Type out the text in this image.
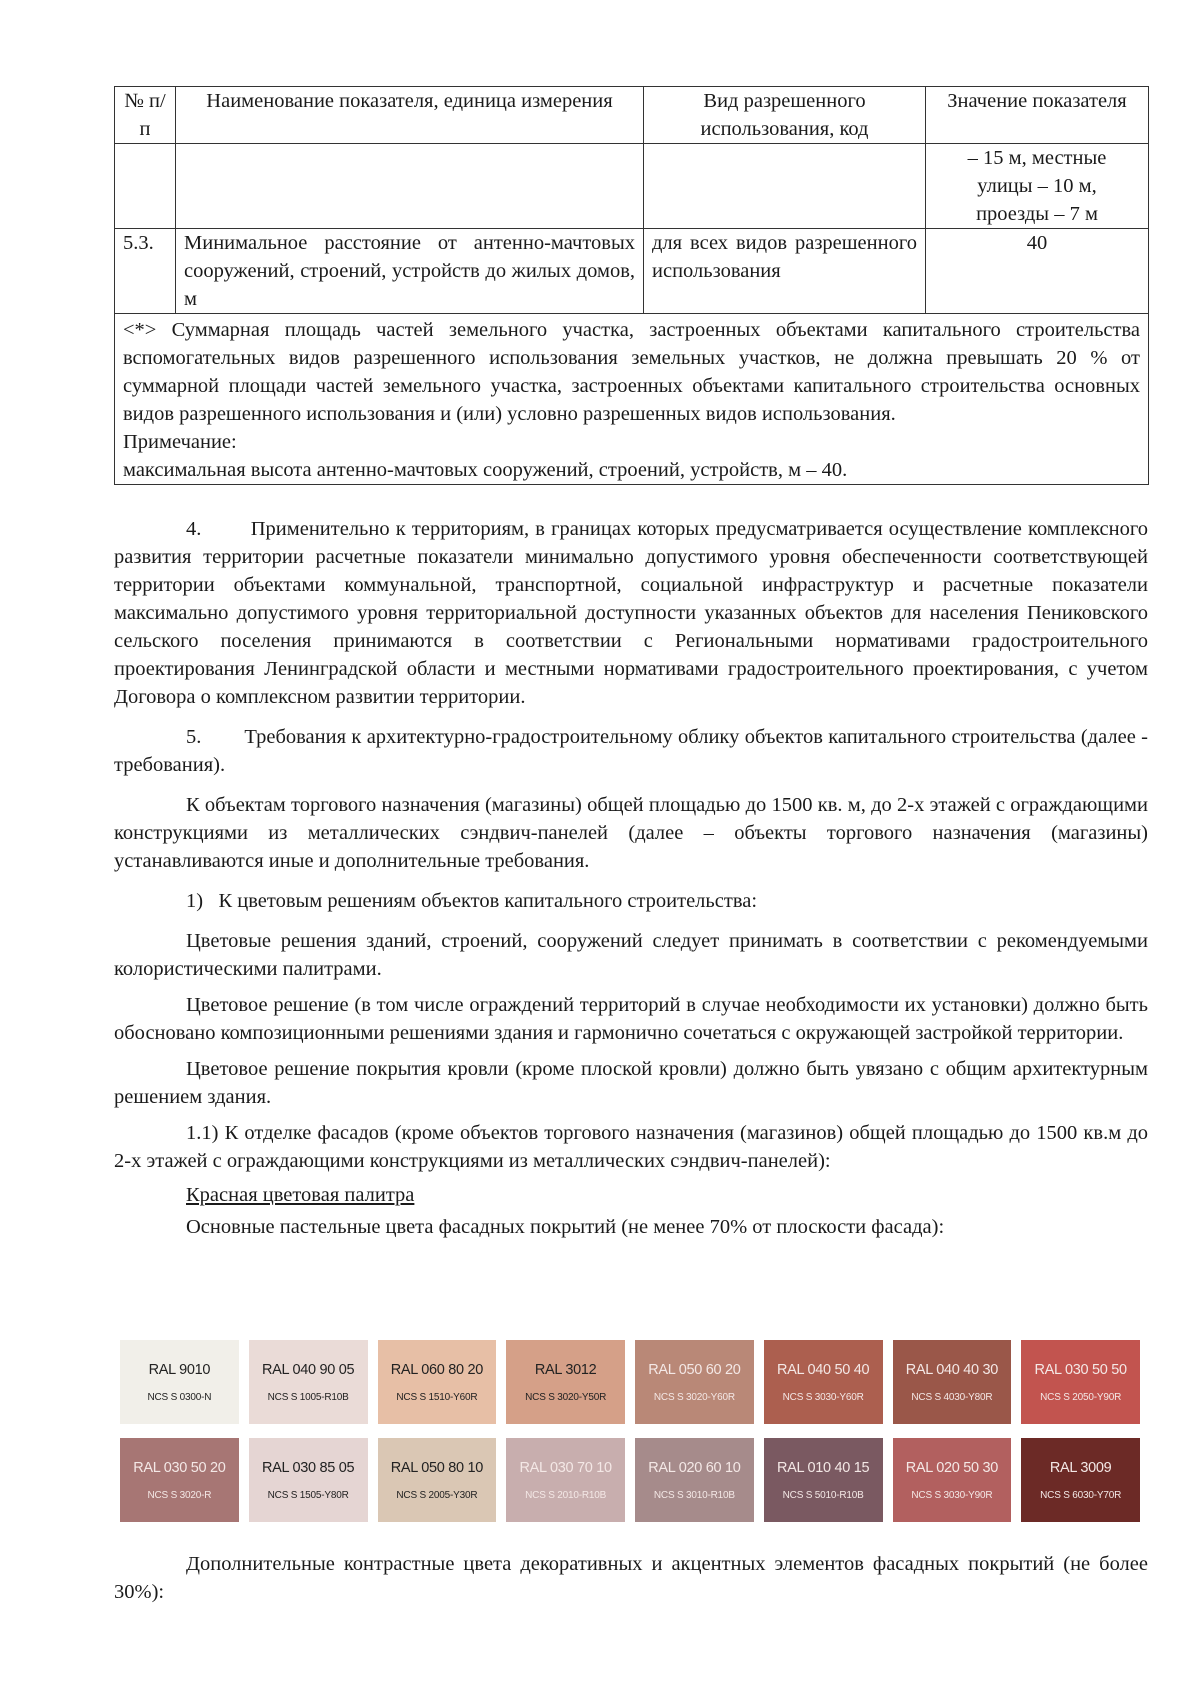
№ п/п	Наименование показателя, единица измерения	Вид разрешенного использования, код	Значение показателя

			– 15 м, местные
улицы – 10 м,
проезды – 7 м

5.3.	Минимальное расстояние от антенно-мачтовых сооружений, строений, устройств до жилых домов, м	для всех видов разрешенного использования	40

<*> Суммарная площадь частей земельного участка, застроенных объектами капитального строительства вспомогательных видов разрешенного использования земельных участков, не должна превышать 20 % от суммарной площади частей земельного участка, застроенных объектами капитального строительства основных видов разрешенного использования и (или) условно разрешенных видов использования.
Примечание:
максимальная высота антенно-мачтовых сооружений, строений, устройств, м – 40.			

4.        Применительно к территориям, в границах которых предусматривается осуществление комплексного развития территории расчетные показатели минимально допустимого уровня обеспеченности соответствующей территории объектами коммунальной, транспортной, социальной инфраструктур и расчетные показатели максимально допустимого уровня территориальной доступности указанных объектов для населения Пениковского сельского поселения принимаются в соответствии с Региональными нормативами градостроительного проектирования Ленинградской области и местными нормативами градостроительного проектирования, с учетом Договора о комплексном развитии территории.

5.        Требования к архитектурно-градостроительному облику объектов капитального строительства (далее - требования).

К объектам торгового назначения (магазины) общей площадью до 1500 кв. м, до 2-х этажей с ограждающими конструкциями из металлических сэндвич-панелей (далее – объекты торгового назначения (магазины) устанавливаются иные и дополнительные требования.

1)   К цветовым решениям объектов капитального строительства:

Цветовые решения зданий, строений, сооружений следует принимать в соответствии с рекомендуемыми колористическими палитрами.

Цветовое решение (в том числе ограждений территорий в случае необходимости их установки) должно быть обосновано композиционными решениями здания и гармонично сочетаться с окружающей застройкой территории.

Цветовое решение покрытия кровли (кроме плоской кровли) должно быть увязано с общим архитектурным решением здания.

1.1) К отделке фасадов (кроме объектов торгового назначения (магазинов) общей площадью до 1500 кв.м до 2-х этажей с ограждающими конструкциями из металлических сэндвич-панелей):

Красная цветовая палитра

Основные пастельные цвета фасадных покрытий (не менее 70% от плоскости фасада):

RAL 9010
NCS S 0300-N
RAL 040 90 05
NCS S 1005-R10B
RAL 060 80 20
NCS S 1510-Y60R
RAL 3012
NCS S 3020-Y50R
RAL 050 60 20
NCS S 3020-Y60R
RAL 040 50 40
NCS S 3030-Y60R
RAL 040 40 30
NCS S 4030-Y80R
RAL 030 50 50
NCS S 2050-Y90R
RAL 030 50 20
NCS S 3020-R
RAL 030 85 05
NCS S 1505-Y80R
RAL 050 80 10
NCS S 2005-Y30R
RAL 030 70 10
NCS S 2010-R10B
RAL 020 60 10
NCS S 3010-R10B
RAL 010 40 15
NCS S 5010-R10B
RAL 020 50 30
NCS S 3030-Y90R
RAL 3009
NCS S 6030-Y70R

Дополнительные контрастные цвета декоративных и акцентных элементов фасадных покрытий (не более 30%):
